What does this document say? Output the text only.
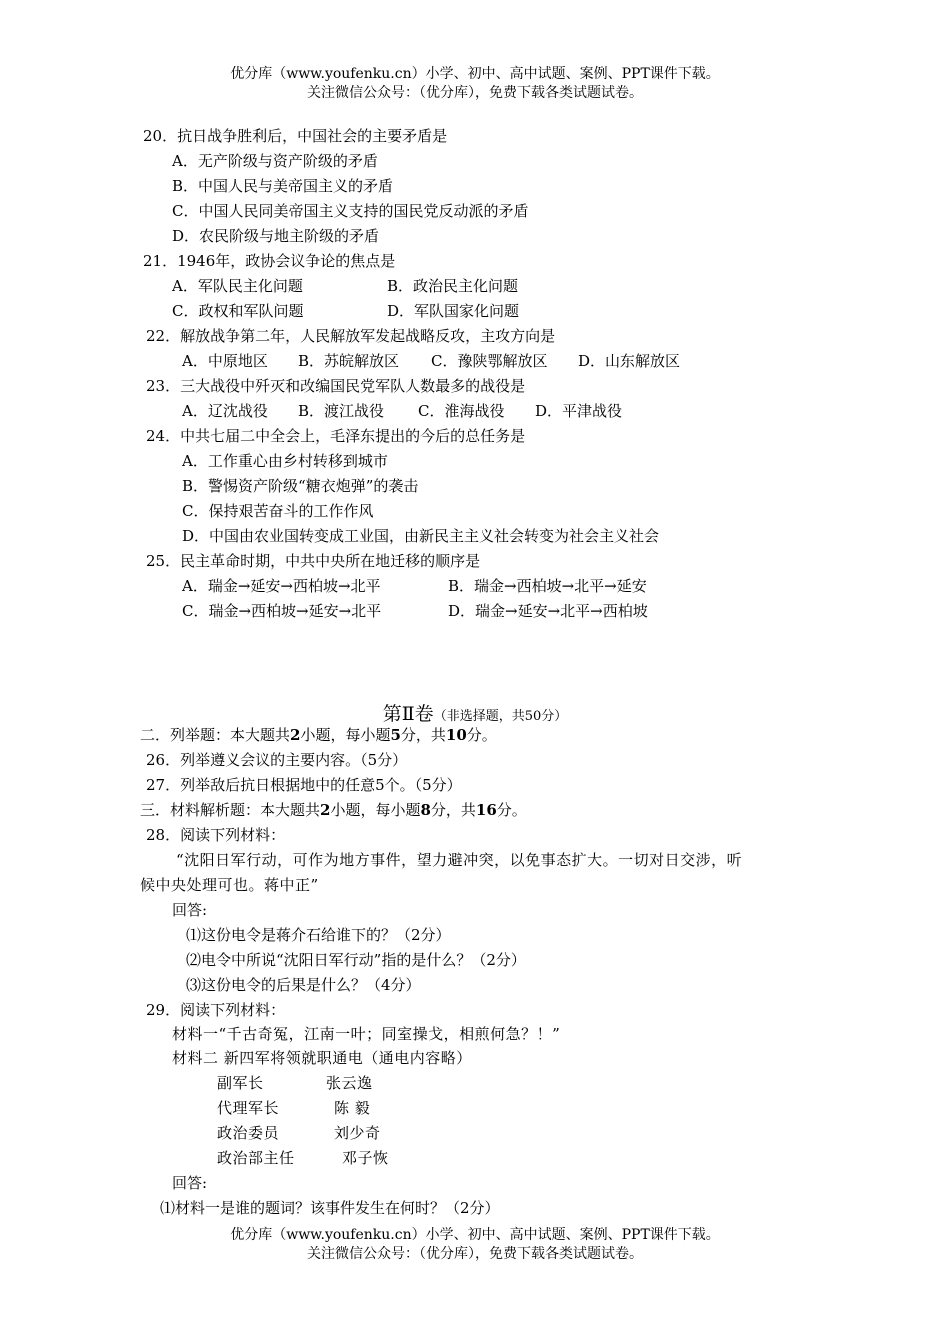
优分库（www.youfenku.cn）小学、初中、高中试题、案例、PPT课件下载。
关注微信公众号：（优分库），免费下载各类试题试卷。
20．抗日战争胜利后，中国社会的主要矛盾是
A．无产阶级与资产阶级的矛盾
B．中国人民与美帝国主义的矛盾
C．中国人民同美帝国主义支持的国民党反动派的矛盾
D．农民阶级与地主阶级的矛盾
21．1946年，政协会议争论的焦点是
A．军队民主化问题	B．政治民主化问题
C．政权和军队问题	D．军队国家化问题
22．解放战争第二年，人民解放军发起战略反攻，主攻方向是
A．中原地区 B．苏皖解放区 C．豫陕鄂解放区 D．山东解放区
23．三大战役中歼灭和改编国民党军队人数最多的战役是
A．辽沈战役 B．渡江战役 C．淮海战役 D．平津战役
24．中共七届二中全会上，毛泽东提出的今后的总任务是
A．工作重心由乡村转移到城市
B．警惕资产阶级“糖衣炮弹”的袭击
C．保持艰苦奋斗的工作作风
D．中国由农业国转变成工业国，由新民主主义社会转变为社会主义社会
25．民主革命时期，中共中央所在地迁移的顺序是
A．瑞金→延安→西柏坡→北平	B．瑞金→西柏坡→北平→延安
C．瑞金→西柏坡→延安→北平	D．瑞金→延安→北平→西柏坡
第Ⅱ卷（非选择题，共50分）
二．列举题：本大题共2小题，每小题5分，共10分。
26．列举遵义会议的主要内容。（5分）
27．列举敌后抗日根据地中的任意5个。（5分）
三．材料解析题：本大题共2小题，每小题8分，共16分。
28．阅读下列材料：
“沈阳日军行动，可作为地方事件，望力避冲突，以免事态扩大。一切对日交涉，听
候中央处理可也。蒋中正”
回答:
⑴这份电令是蒋介石给谁下的？（2分）
⑵电令中所说“沈阳日军行动”指的是什么？（2分）
⑶这份电令的后果是什么？（4分）
29．阅读下列材料：
材料一“千古奇冤，江南一叶；同室操戈，相煎何急？！”
材料二 新四军将领就职通电（通电内容略）
副军长	张云逸
代理军长	陈 毅
政治委员	刘少奇
政治部主任	邓子恢
回答:
⑴材料一是谁的题词？该事件发生在何时？（2分）
优分库（www.youfenku.cn）小学、初中、高中试题、案例、PPT课件下载。
关注微信公众号：（优分库），免费下载各类试题试卷。
